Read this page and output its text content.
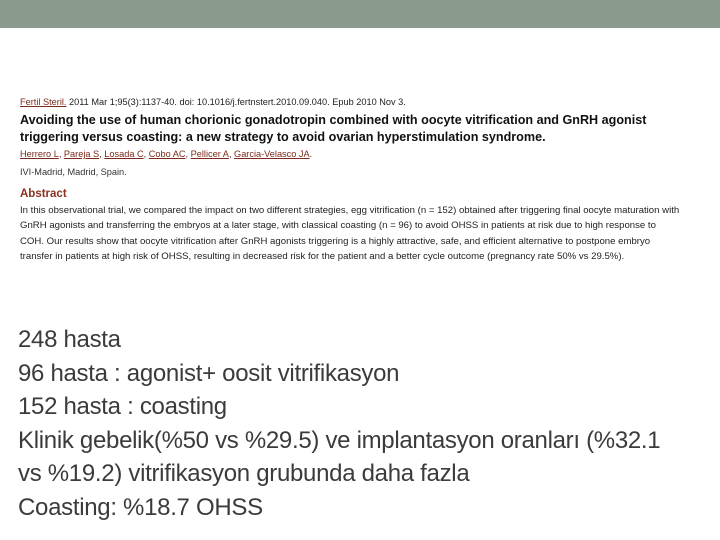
Fertil Steril. 2011 Mar 1;95(3):1137-40. doi: 10.1016/j.fertnstert.2010.09.040. Epub 2010 Nov 3.
Avoiding the use of human chorionic gonadotropin combined with oocyte vitrification and GnRH agonist triggering versus coasting: a new strategy to avoid ovarian hyperstimulation syndrome.
Herrero L, Pareja S, Losada C, Cobo AC, Pellicer A, Garcia-Velasco JA.
IVI-Madrid, Madrid, Spain.
Abstract
In this observational trial, we compared the impact on two different strategies, egg vitrification (n = 152) obtained after triggering final oocyte maturation with GnRH agonists and transferring the embryos at a later stage, with classical coasting (n = 96) to avoid OHSS in patients at risk due to high response to COH. Our results show that oocyte vitrification after GnRH agonists triggering is a highly attractive, safe, and efficient alternative to postpone embryo transfer in patients at high risk of OHSS, resulting in decreased risk for the patient and a better cycle outcome (pregnancy rate 50% vs 29.5%).
248 hasta
96 hasta : agonist+ oosit vitrifikasyon
152 hasta : coasting
Klinik gebelik(%50 vs %29.5) ve implantasyon oranları (%32.1
vs %19.2) vitrifikasyon grubunda daha fazla
Coasting: %18.7 OHSS
